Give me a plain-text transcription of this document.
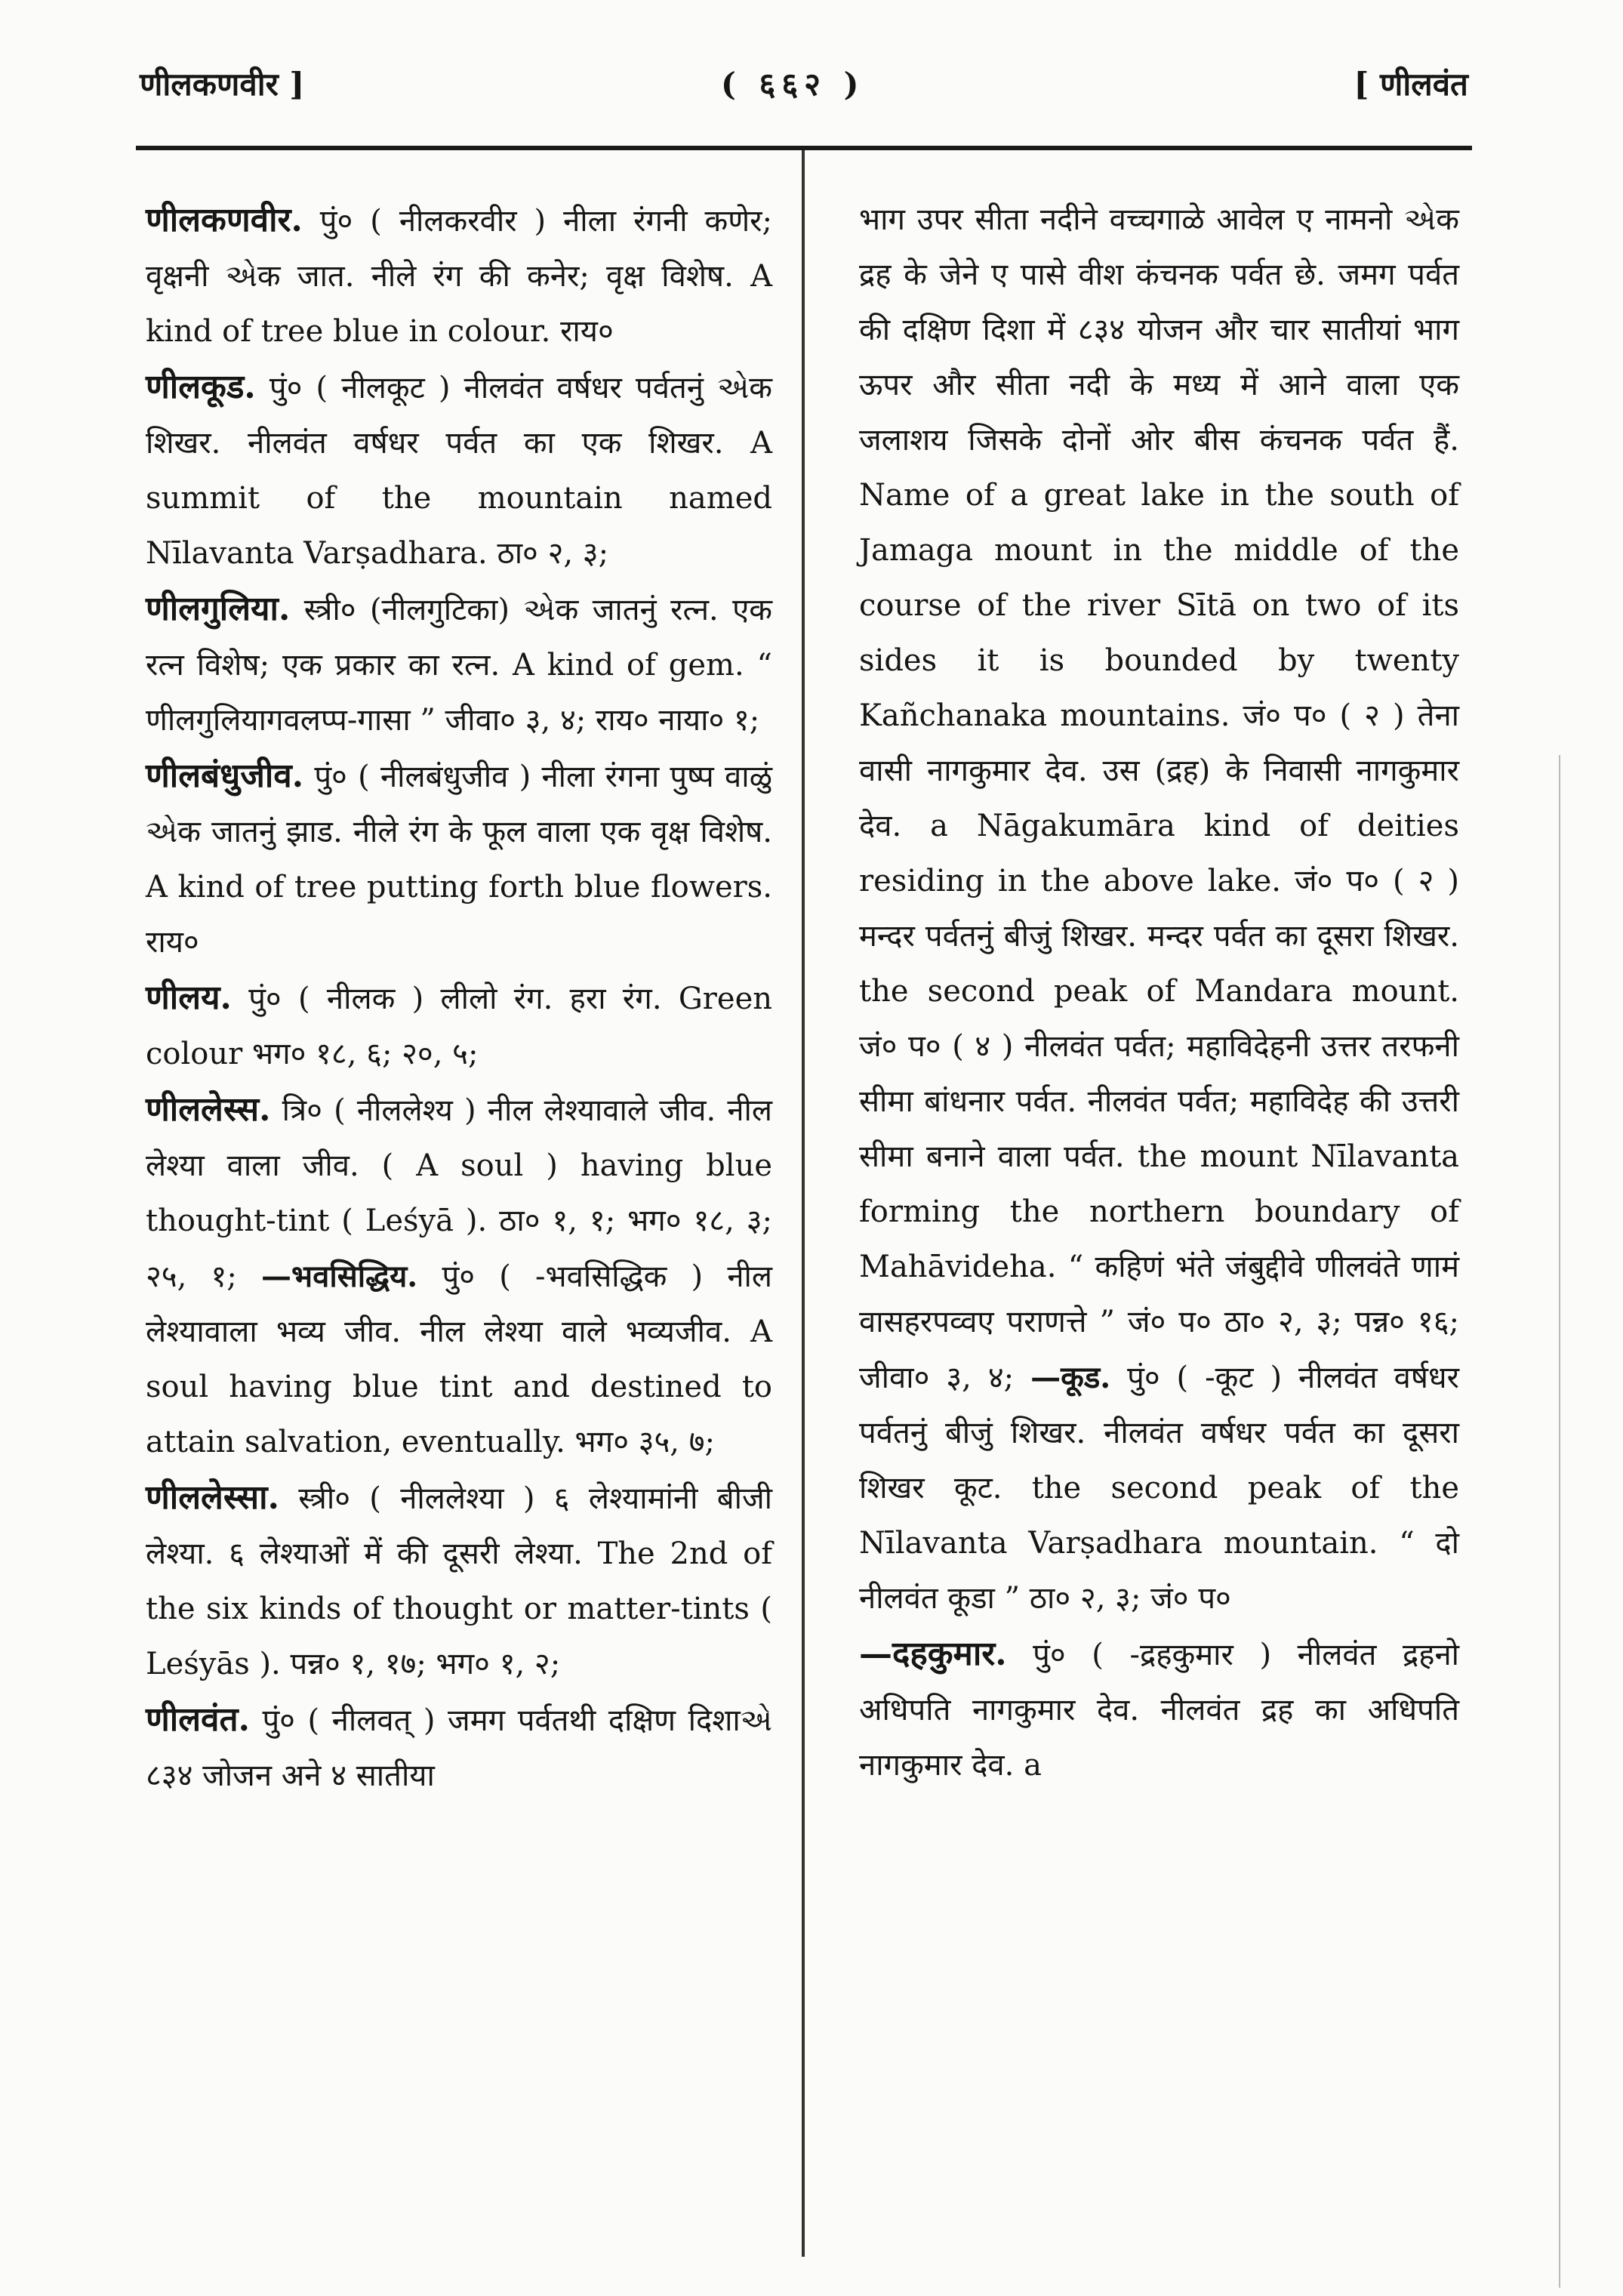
णीलकणवीर ]	( ६६२ )	[ णीलवंत

णीलकणवीर. पुं० ( नीलकरवीर ) नीला रंगनी कणेर; वृक्षनी એक जात. नीले रंग की कनेर; वृक्ष विशेष. A kind of tree blue in colour. राय०

णीलकूड. पुं० ( नीलकूट ) नीलवंत वर्षधर पर्वतनुं એक शिखर. नीलवंत वर्षधर पर्वत का एक शिखर. A summit of the mountain named Nīlavanta Varṣadhara. ठा० २, ३;

णीलगुलिया. स्त्री० (नीलगुटिका) એक जातनुं रत्न. एक रत्न विशेष; एक प्रकार का रत्न. A kind of gem. “ णीलगुलियागवलप्प-गासा ” जीवा० ३, ४; राय० नाया० १;

णीलबंधुजीव. पुं० ( नीलबंधुजीव ) नीला रंगना पुष्प वाळुं એक जातनुं झाड. नीले रंग के फूल वाला एक वृक्ष विशेष. A kind of tree putting forth blue flowers. राय०

णीलय. पुं० ( नीलक ) लीलो रंग. हरा रंग. Green colour भग० १८, ६; २०, ५;

णीललेस्स. त्रि० ( नीललेश्य ) नील लेश्यावाले जीव. नील लेश्या वाला जीव. ( A soul ) having blue thought-tint ( Leśyā ). ठा० १, १; भग० १८, ३; २५, १; —भवसिद्धिय. पुं० ( -भवसिद्धिक ) नील लेश्यावाला भव्य जीव. नील लेश्या वाले भव्यजीव. A soul having blue tint and destined to attain salvation, eventually. भग० ३५, ७;

णीललेस्सा. स्त्री० ( नीललेश्या ) ६ लेश्यामांनी बीजी लेश्या. ६ लेश्याओं में की दूसरी लेश्या. The 2nd of the six kinds of thought or matter-tints ( Leśyās ). पन्न० १, १७; भग० १, २;

णीलवंत. पुं० ( नीलवत् ) जमग पर्वतथी दक्षिण दिशाએ ८३४ जोजन अने ४ सातीया

भाग उपर सीता नदीने वच्चगाळे आवेल ए नामनो એक द्रह के जेने ए पासे वीश कंचनक पर्वत छे. जमग पर्वत की दक्षिण दिशा में ८३४ योजन और चार सातीयां भाग ऊपर और सीता नदी के मध्य में आने वाला एक जलाशय जिसके दोनों ओर बीस कंचनक पर्वत हैं. Name of a great lake in the south of Jamaga mount in the middle of the course of the river Sītā on two of its sides it is bounded by twenty Kañchanaka mountains. जं० प० ( २ ) तेना वासी नागकुमार देव. उस (द्रह) के निवासी नागकुमार देव. a Nāgakumāra kind of deities residing in the above lake. जं० प० ( २ ) मन्दर पर्वतनुं बीजुं शिखर. मन्दर पर्वत का दूसरा शिखर. the second peak of Mandara mount. जं० प० ( ४ ) नीलवंत पर्वत; महाविदेहनी उत्तर तरफनी सीमा बांधनार पर्वत. नीलवंत पर्वत; महाविदेह की उत्तरी सीमा बनाने वाला पर्वत. the mount Nīlavanta forming the northern boundary of Mahāvideha. “ कहिणं भंते जंबुद्दीवे णीलवंते णामं वासहरपव्वए पराणत्ते ” जं० प० ठा० २, ३; पन्न० १६; जीवा० ३, ४; —कूड. पुं० ( -कूट ) नीलवंत वर्षधर पर्वतनुं बीजुं शिखर. नीलवंत वर्षधर पर्वत का दूसरा शिखर कूट. the second peak of the Nīlavanta Varṣadhara mountain. “ दो नीलवंत कूडा ” ठा० २, ३; जं० प०

—दहकुमार. पुं० ( -द्रहकुमार ) नीलवंत द्रहनो अधिपति नागकुमार देव. नीलवंत द्रह का अधिपति नागकुमार देव. a
